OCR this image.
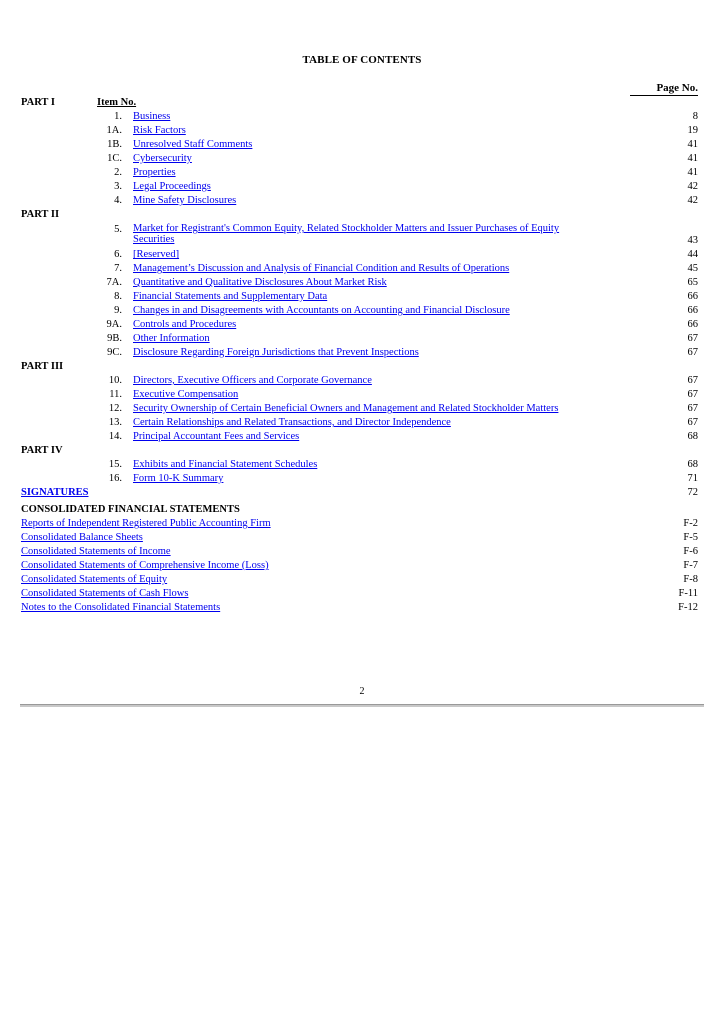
TABLE OF CONTENTS
Page No.
PART I	Item No.
1. Business	8
1A. Risk Factors	19
1B. Unresolved Staff Comments	41
1C. Cybersecurity	41
2. Properties	41
3. Legal Proceedings	42
4. Mine Safety Disclosures	42
PART II
5. Market for Registrant's Common Equity, Related Stockholder Matters and Issuer Purchases of Equity Securities	43
6. [Reserved]	44
7. Management’s Discussion and Analysis of Financial Condition and Results of Operations	45
7A. Quantitative and Qualitative Disclosures About Market Risk	65
8. Financial Statements and Supplementary Data	66
9. Changes in and Disagreements with Accountants on Accounting and Financial Disclosure	66
9A. Controls and Procedures	66
9B. Other Information	67
9C. Disclosure Regarding Foreign Jurisdictions that Prevent Inspections	67
PART III
10. Directors, Executive Officers and Corporate Governance	67
11. Executive Compensation	67
12. Security Ownership of Certain Beneficial Owners and Management and Related Stockholder Matters	67
13. Certain Relationships and Related Transactions, and Director Independence	67
14. Principal Accountant Fees and Services	68
PART IV
15. Exhibits and Financial Statement Schedules	68
16. Form 10-K Summary	71
SIGNATURES	72
CONSOLIDATED FINANCIAL STATEMENTS
Reports of Independent Registered Public Accounting Firm	F-2
Consolidated Balance Sheets	F-5
Consolidated Statements of Income	F-6
Consolidated Statements of Comprehensive Income (Loss)	F-7
Consolidated Statements of Equity	F-8
Consolidated Statements of Cash Flows	F-11
Notes to the Consolidated Financial Statements	F-12
2
